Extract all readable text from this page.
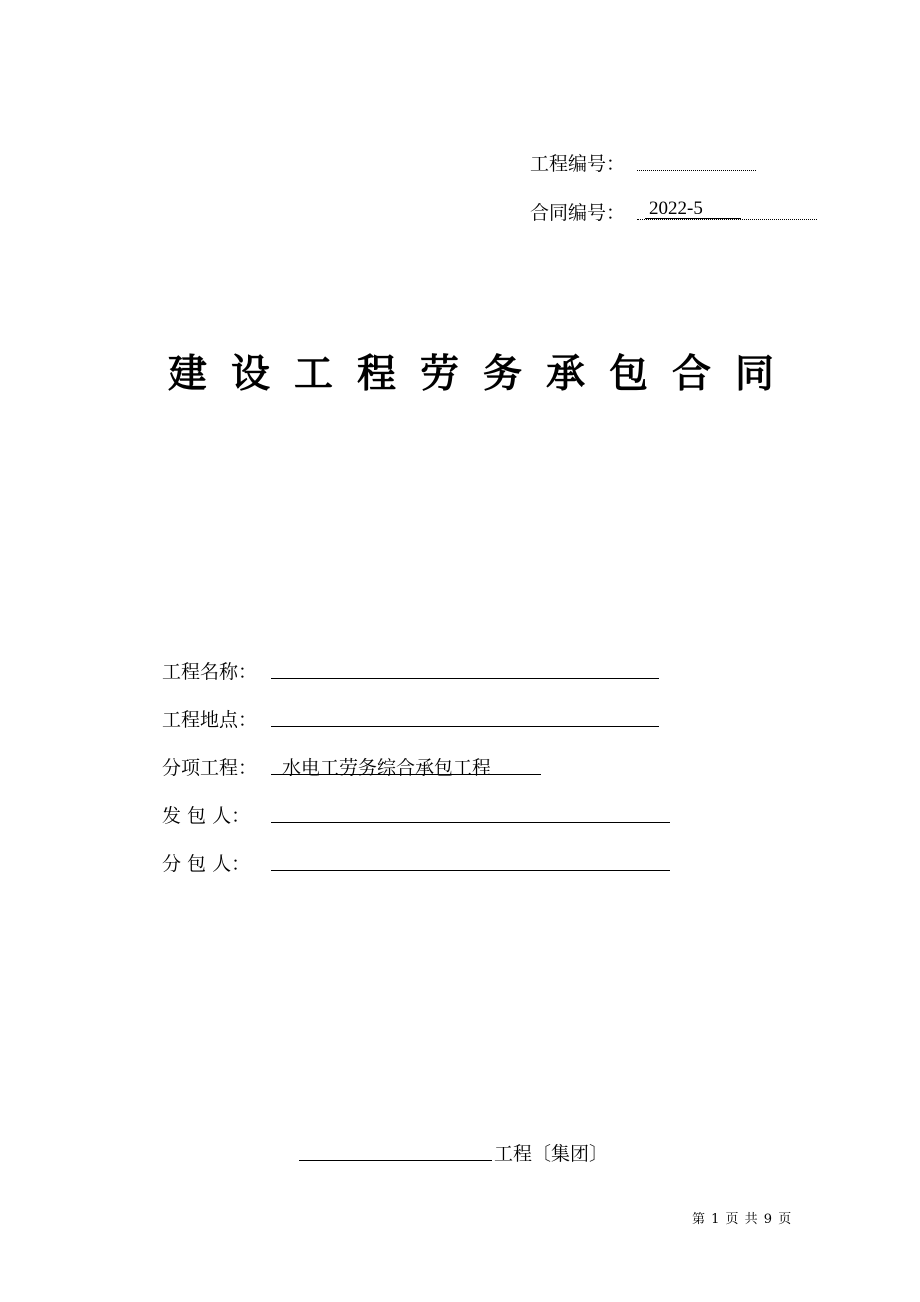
工程编号：
合同编号： 2022-5
建设工程劳务承包合同
工程名称：
工程地点：
分项工程： 水电工劳务综合承包工程
发 包 人：
分 包 人：
工程〔集团〕
第 1 页 共 9 页
